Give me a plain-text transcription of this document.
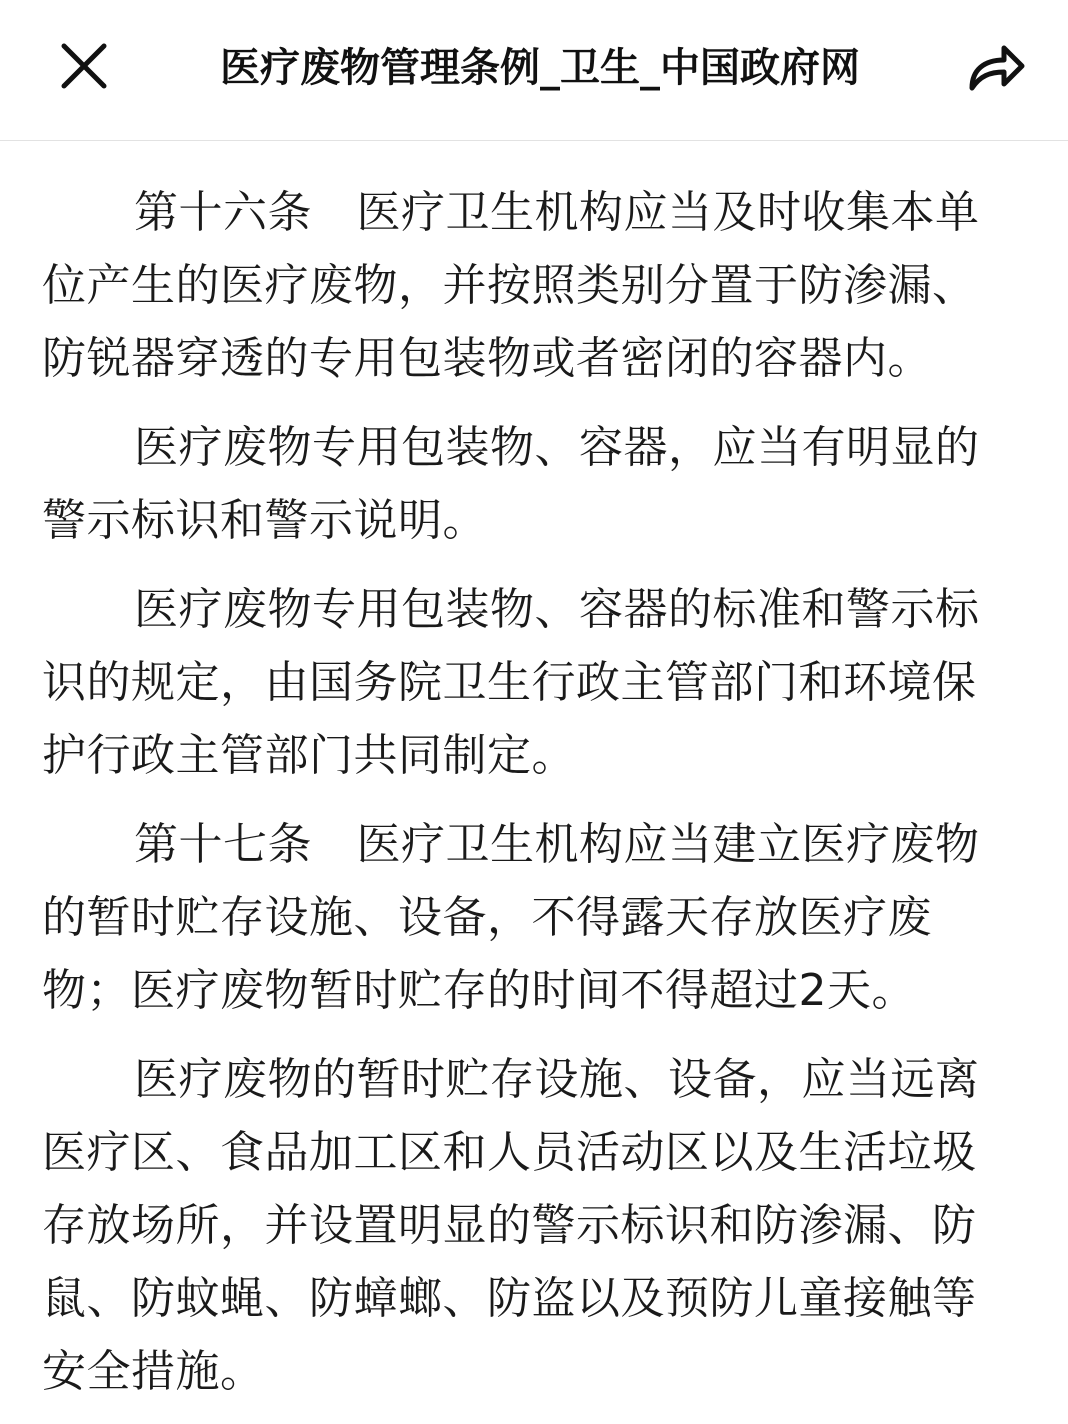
医疗废物管理条例_卫生_中国政府网

第十六条　医疗卫生机构应当及时收集本单位产生的医疗废物，并按照类别分置于防渗漏、防锐器穿透的专用包装物或者密闭的容器内。

医疗废物专用包装物、容器，应当有明显的警示标识和警示说明。

医疗废物专用包装物、容器的标准和警示标识的规定，由国务院卫生行政主管部门和环境保护行政主管部门共同制定。

第十七条　医疗卫生机构应当建立医疗废物的暂时贮存设施、设备，不得露天存放医疗废物；医疗废物暂时贮存的时间不得超过2天。

医疗废物的暂时贮存设施、设备，应当远离医疗区、食品加工区和人员活动区以及生活垃圾存放场所，并设置明显的警示标识和防渗漏、防鼠、防蚊蝇、防蟑螂、防盗以及预防儿童接触等安全措施。
